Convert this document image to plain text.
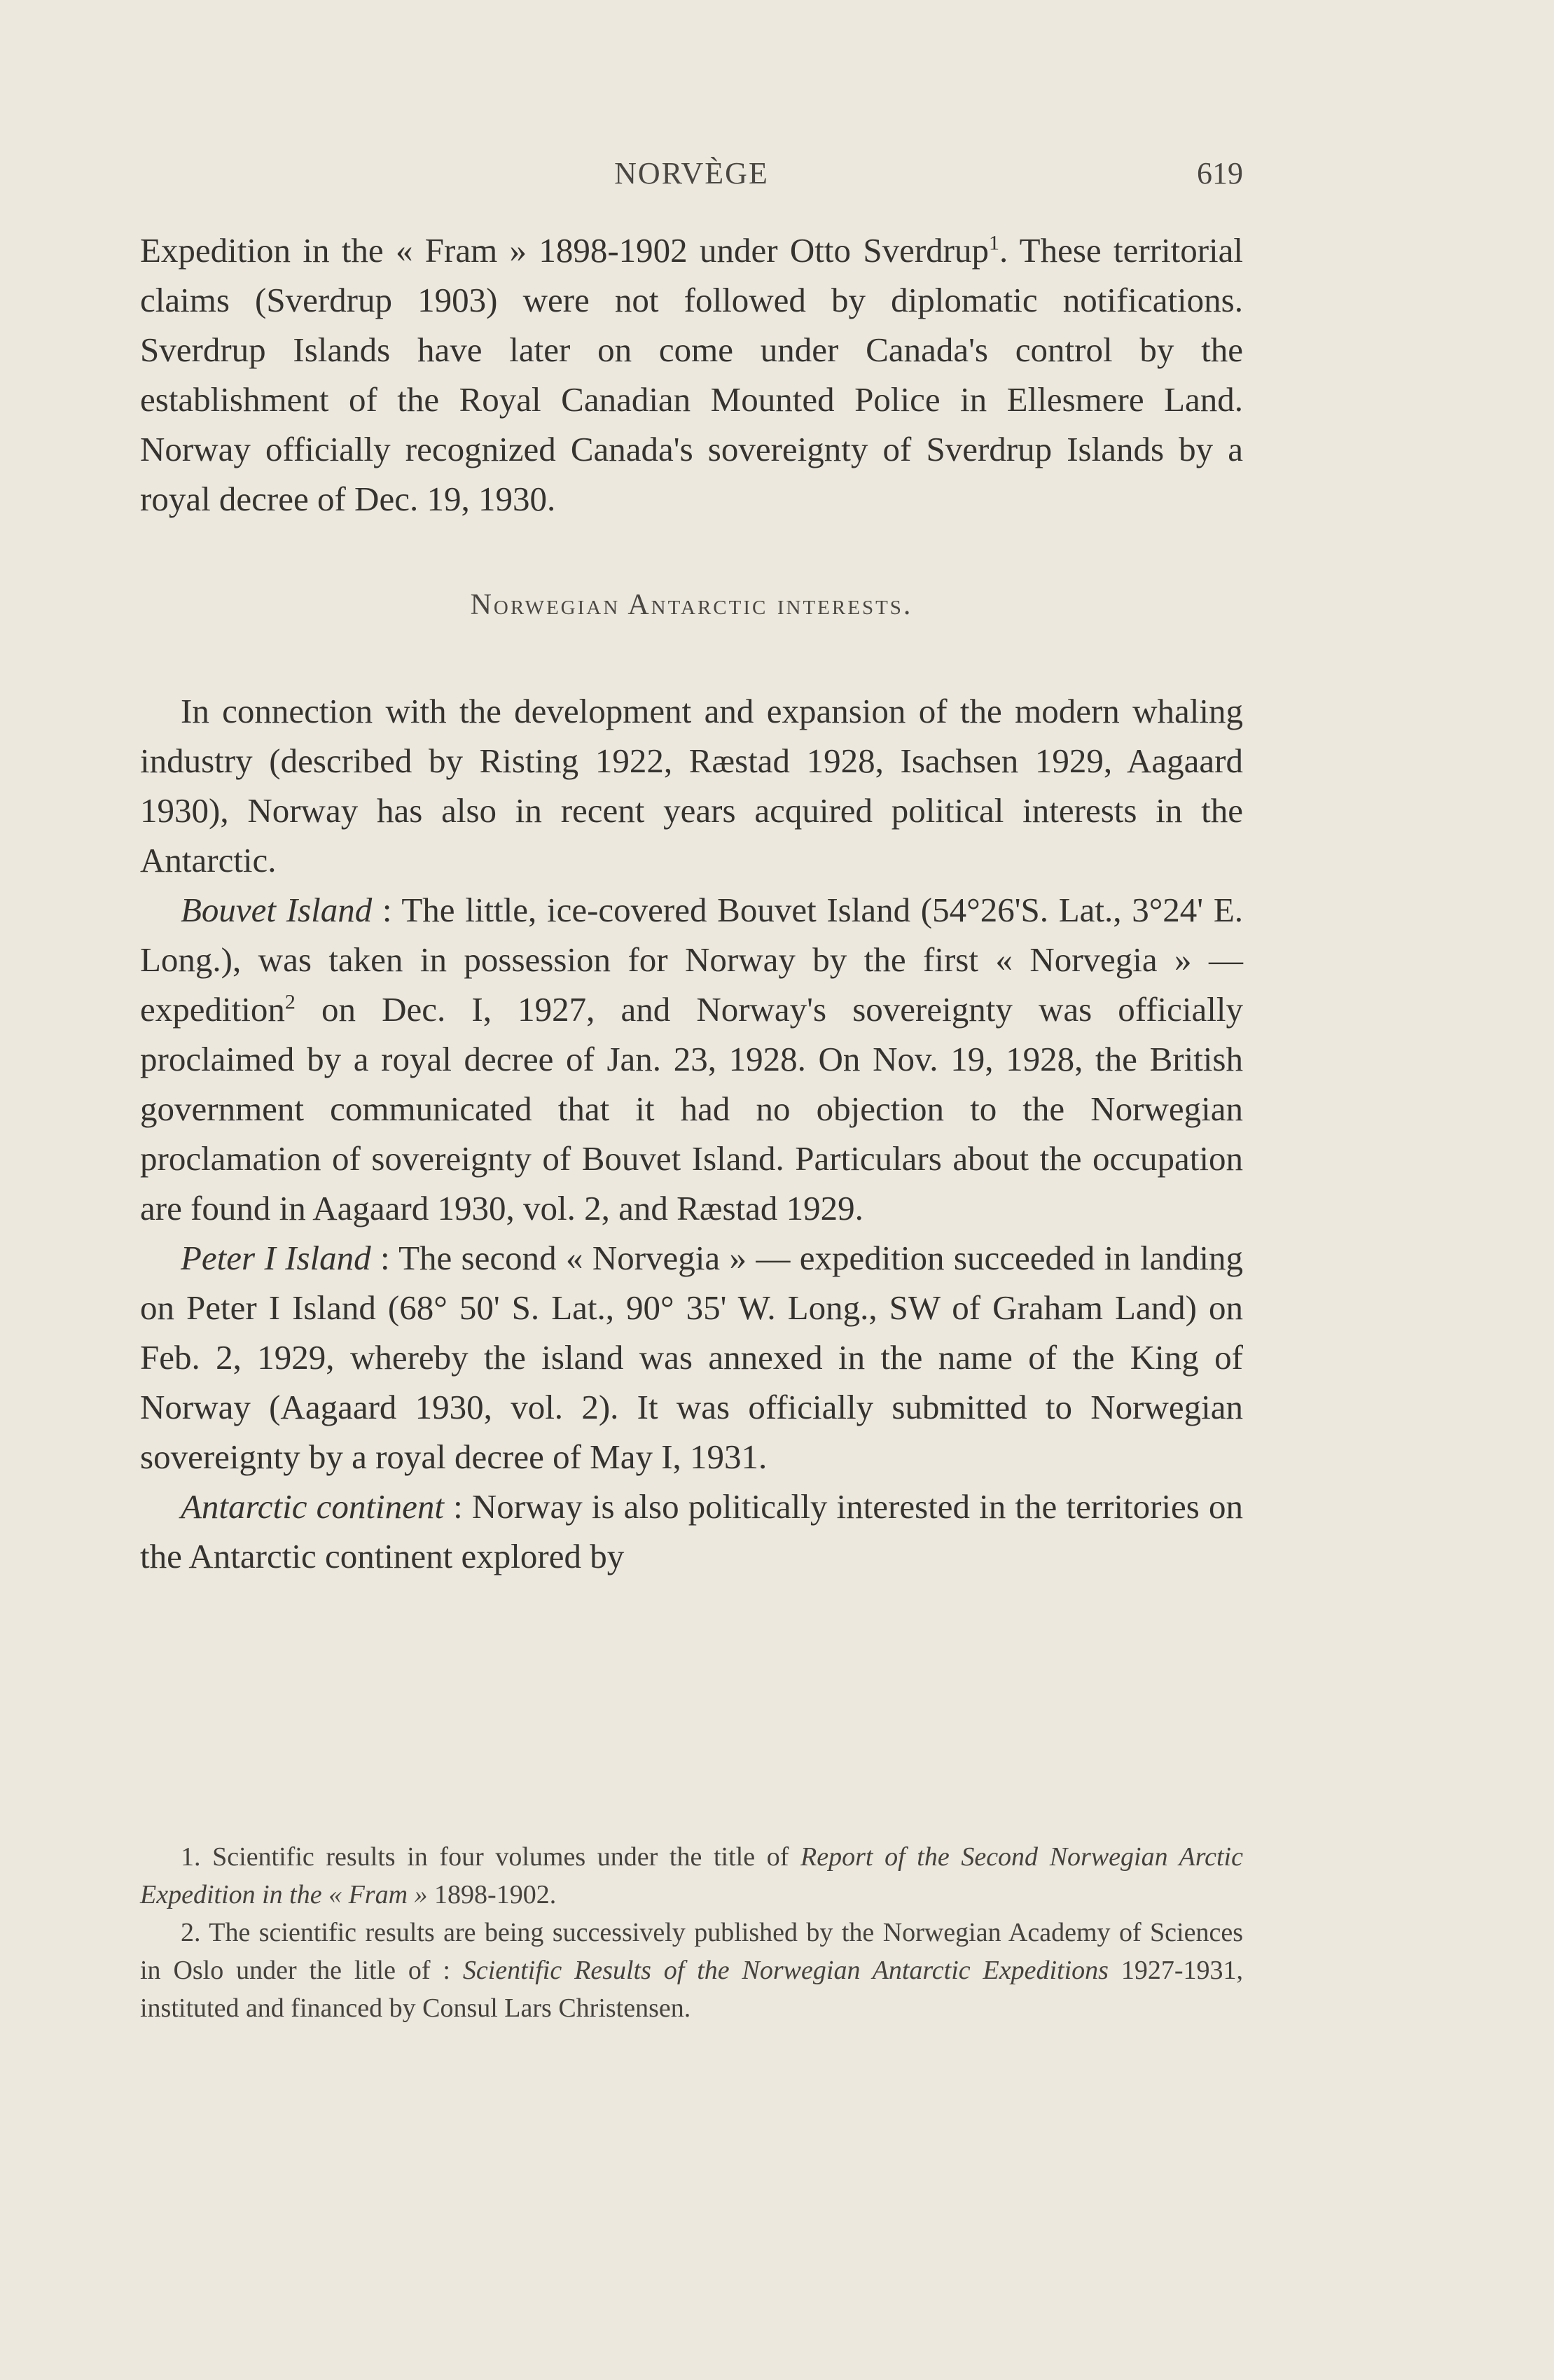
NORVÈGE	619

Expedition in the « Fram » 1898-1902 under Otto Sverdrup$^1$. These territorial claims (Sverdrup 1903) were not followed by diplomatic notifications. Sverdrup Islands have later on come under Canada's control by the establishment of the Royal Canadian Mounted Police in Ellesmere Land. Norway officially recognized Canada's sovereignty of Sverdrup Islands by a royal decree of Dec. 19, 1930.

Norwegian Antarctic interests.

In connection with the development and expansion of the modern whaling industry (described by Risting 1922, Ræstad 1928, Isachsen 1929, Aagaard 1930), Norway has also in recent years acquired political interests in the Antarctic.

Bouvet Island : The little, ice-covered Bouvet Island (54°26'S. Lat., 3°24' E. Long.), was taken in possession for Norway by the first « Norvegia » — expedition$^2$ on Dec. I, 1927, and Norway's sovereignty was officially proclaimed by a royal decree of Jan. 23, 1928. On Nov. 19, 1928, the British government communicated that it had no objection to the Norwegian proclamation of sovereignty of Bouvet Island. Particulars about the occupation are found in Aagaard 1930, vol. 2, and Ræstad 1929.

Peter I Island : The second « Norvegia » — expedition succeeded in landing on Peter I Island (68° 50' S. Lat., 90° 35' W. Long., SW of Graham Land) on Feb. 2, 1929, whereby the island was annexed in the name of the King of Norway (Aagaard 1930, vol. 2). It was officially submitted to Norwegian sovereignty by a royal decree of May I, 1931.

Antarctic continent : Norway is also politically interested in the territories on the Antarctic continent explored by

1. Scientific results in four volumes under the title of Report of the Second Norwegian Arctic Expedition in the « Fram » 1898-1902.

2. The scientific results are being successively published by the Norwegian Academy of Sciences in Oslo under the litle of : Scientific Results of the Norwegian Antarctic Expeditions 1927-1931, instituted and financed by Consul Lars Christensen.
